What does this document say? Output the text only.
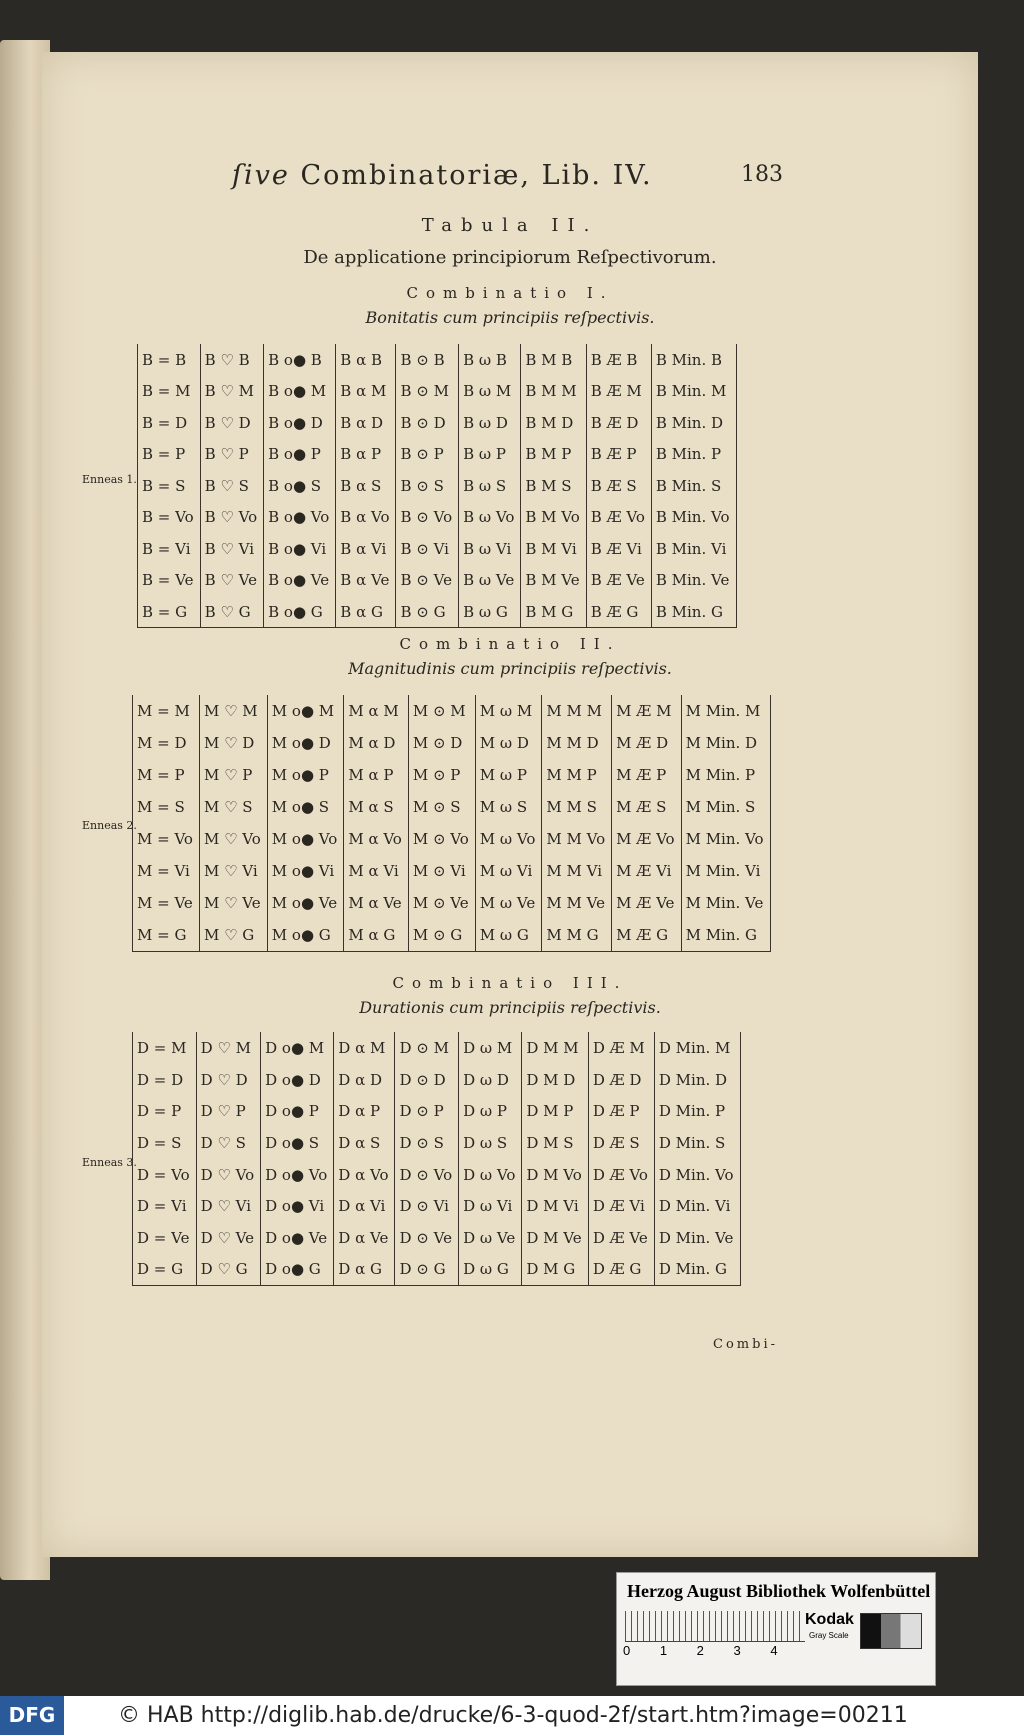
ſive Combinatoriæ, Lib. IV.	183
Tabula II.
De applicatione principiorum Reſpectivorum.
Combinatio I.
Bonitatis cum principiis reſpectivis.
Enneas 1.
B = B	B ♡ B	B o● B	B α B	B ⊙ B	B ω B	B M B	B Æ B	B Min. B
B = M	B ♡ M	B o● M	B α M	B ⊙ M	B ω M	B M M	B Æ M	B Min. M
B = D	B ♡ D	B o● D	B α D	B ⊙ D	B ω D	B M D	B Æ D	B Min. D
B = P	B ♡ P	B o● P	B α P	B ⊙ P	B ω P	B M P	B Æ P	B Min. P
B = S	B ♡ S	B o● S	B α S	B ⊙ S	B ω S	B M S	B Æ S	B Min. S
B = Vo	B ♡ Vo	B o● Vo	B α Vo	B ⊙ Vo	B ω Vo	B M Vo	B Æ Vo	B Min. Vo
B = Vi	B ♡ Vi	B o● Vi	B α Vi	B ⊙ Vi	B ω Vi	B M Vi	B Æ Vi	B Min. Vi
B = Ve	B ♡ Ve	B o● Ve	B α Ve	B ⊙ Ve	B ω Ve	B M Ve	B Æ Ve	B Min. Ve
B = G	B ♡ G	B o● G	B α G	B ⊙ G	B ω G	B M G	B Æ G	B Min. G
Combinatio II.
Magnitudinis cum principiis reſpectivis.
Enneas 2.
M = M	M ♡ M	M o● M	M α M	M ⊙ M	M ω M	M M M	M Æ M	M Min. M
M = D	M ♡ D	M o● D	M α D	M ⊙ D	M ω D	M M D	M Æ D	M Min. D
M = P	M ♡ P	M o● P	M α P	M ⊙ P	M ω P	M M P	M Æ P	M Min. P
M = S	M ♡ S	M o● S	M α S	M ⊙ S	M ω S	M M S	M Æ S	M Min. S
M = Vo	M ♡ Vo	M o● Vo	M α Vo	M ⊙ Vo	M ω Vo	M M Vo	M Æ Vo	M Min. Vo
M = Vi	M ♡ Vi	M o● Vi	M α Vi	M ⊙ Vi	M ω Vi	M M Vi	M Æ Vi	M Min. Vi
M = Ve	M ♡ Ve	M o● Ve	M α Ve	M ⊙ Ve	M ω Ve	M M Ve	M Æ Ve	M Min. Ve
M = G	M ♡ G	M o● G	M α G	M ⊙ G	M ω G	M M G	M Æ G	M Min. G
Combinatio III.
Durationis cum principiis reſpectivis.
Enneas 3.
D = M	D ♡ M	D o● M	D α M	D ⊙ M	D ω M	D M M	D Æ M	D Min. M
D = D	D ♡ D	D o● D	D α D	D ⊙ D	D ω D	D M D	D Æ D	D Min. D
D = P	D ♡ P	D o● P	D α P	D ⊙ P	D ω P	D M P	D Æ P	D Min. P
D = S	D ♡ S	D o● S	D α S	D ⊙ S	D ω S	D M S	D Æ S	D Min. S
D = Vo	D ♡ Vo	D o● Vo	D α Vo	D ⊙ Vo	D ω Vo	D M Vo	D Æ Vo	D Min. Vo
D = Vi	D ♡ Vi	D o● Vi	D α Vi	D ⊙ Vi	D ω Vi	D M Vi	D Æ Vi	D Min. Vi
D = Ve	D ♡ Ve	D o● Ve	D α Ve	D ⊙ Ve	D ω Ve	D M Ve	D Æ Ve	D Min. Ve
D = G	D ♡ G	D o● G	D α G	D ⊙ G	D ω G	D M G	D Æ G	D Min. G
Combi-
Herzog August Bibliothek Wolfenbüttel
0 1 2 3 4
Kodak
Gray Scale
DFG	© HAB http://diglib.hab.de/drucke/6-3-quod-2f/start.htm?image=00211
